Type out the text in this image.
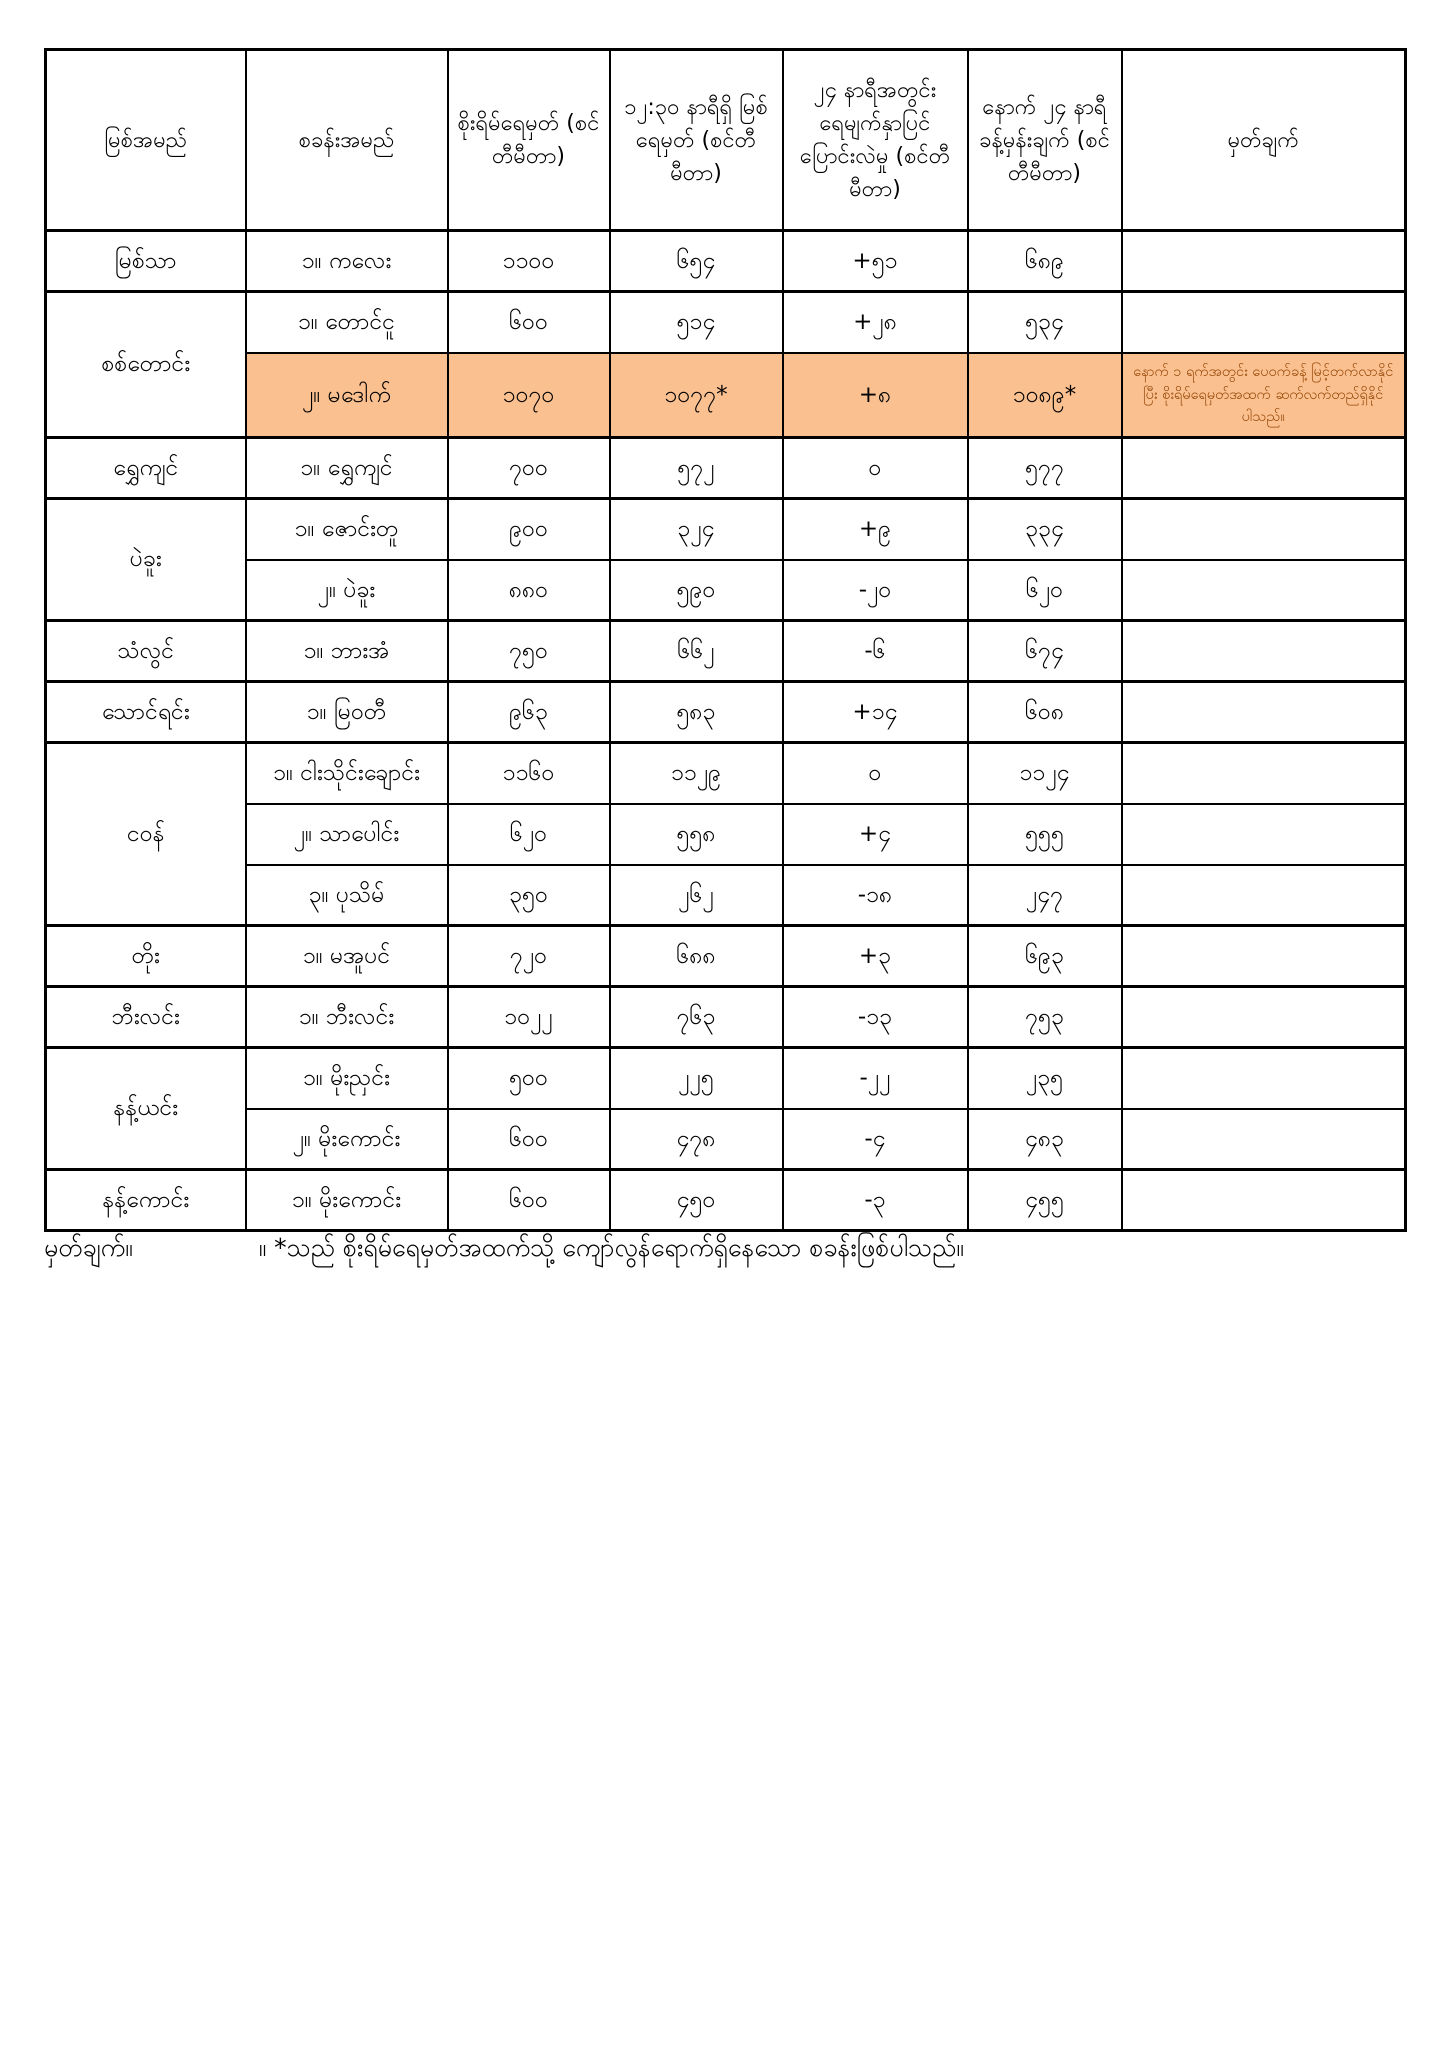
မြစ်အမည်	စခန်းအမည်	စိုးရိမ်ရေမှတ် (စင်တီမီတာ)	၁၂:၃၀ နာရီရှိ မြစ်ရေမှတ် (စင်တီမီတာ)	၂၄ နာရီအတွင်း ရေမျက်နှာပြင် ပြောင်းလဲမှု (စင်တီမီတာ)	နောက် ၂၄ နာရီ ခန့်မှန်းချက် (စင်တီမီတာ)	မှတ်ချက်
မြစ်သာ	၁။ ကလေး	၁၁၀၀	၆၅၄	+၅၁	၆၈၉	
စစ်တောင်း	၁။ တောင်ငူ	၆၀၀	၅၁၄	+၂၈	၅၃၄	
	၂။ မဒေါက်	၁၀၇၀	၁၀၇၇*	+၈	၁၀၈၉*	နောက် ၁ ရက်အတွင်း ပေဝက်ခန့် မြင့်တက်လာနိုင်ပြီး စိုးရိမ်ရေမှတ်အထက် ဆက်လက်တည်ရှိနိုင်ပါသည်။
ရွှေကျင်	၁။ ရွှေကျင်	၇၀၀	၅၇၂	၀	၅၇၇	
ပဲခူး	၁။ ဇောင်းတူ	၉၀၀	၃၂၄	+၉	၃၃၄	
	၂။ ပဲခူး	၈၈၀	၅၉၀	-၂၀	၆၂၀	
သံလွင်	၁။ ဘားအံ	၇၅၀	၆၆၂	-၆	၆၇၄	
သောင်ရင်း	၁။ မြဝတီ	၉၆၃	၅၈၃	+၁၄	၆၀၈	
ငဝန်	၁။ ငါးသိုင်းချောင်း	၁၁၆၀	၁၁၂၉	၀	၁၁၂၄	
	၂။ သာပေါင်း	၆၂၀	၅၅၈	+၄	၅၅၅	
	၃။ ပုသိမ်	၃၅၀	၂၆၂	-၁၈	၂၄၇	
တိုး	၁။ မအူပင်	၇၂၀	၆၈၈	+၃	၆၉၃	
ဘီးလင်း	၁။ ဘီးလင်း	၁၀၂၂	၇၆၃	-၁၃	၇၅၃	
နန့်ယင်း	၁။ မိုးညှင်း	၅၀၀	၂၂၅	-၂၂	၂၃၅	
	၂။ မိုးကောင်း	၆၀၀	၄၇၈	-၄	၄၈၃	
နန့်ကောင်း	၁။ မိုးကောင်း	၆၀၀	၄၅၀	-၃	၄၅၅	
မှတ်ချက်။	။ *သည် စိုးရိမ်ရေမှတ်အထက်သို့ ကျော်လွန်ရောက်ရှိနေသော စခန်းဖြစ်ပါသည်။
